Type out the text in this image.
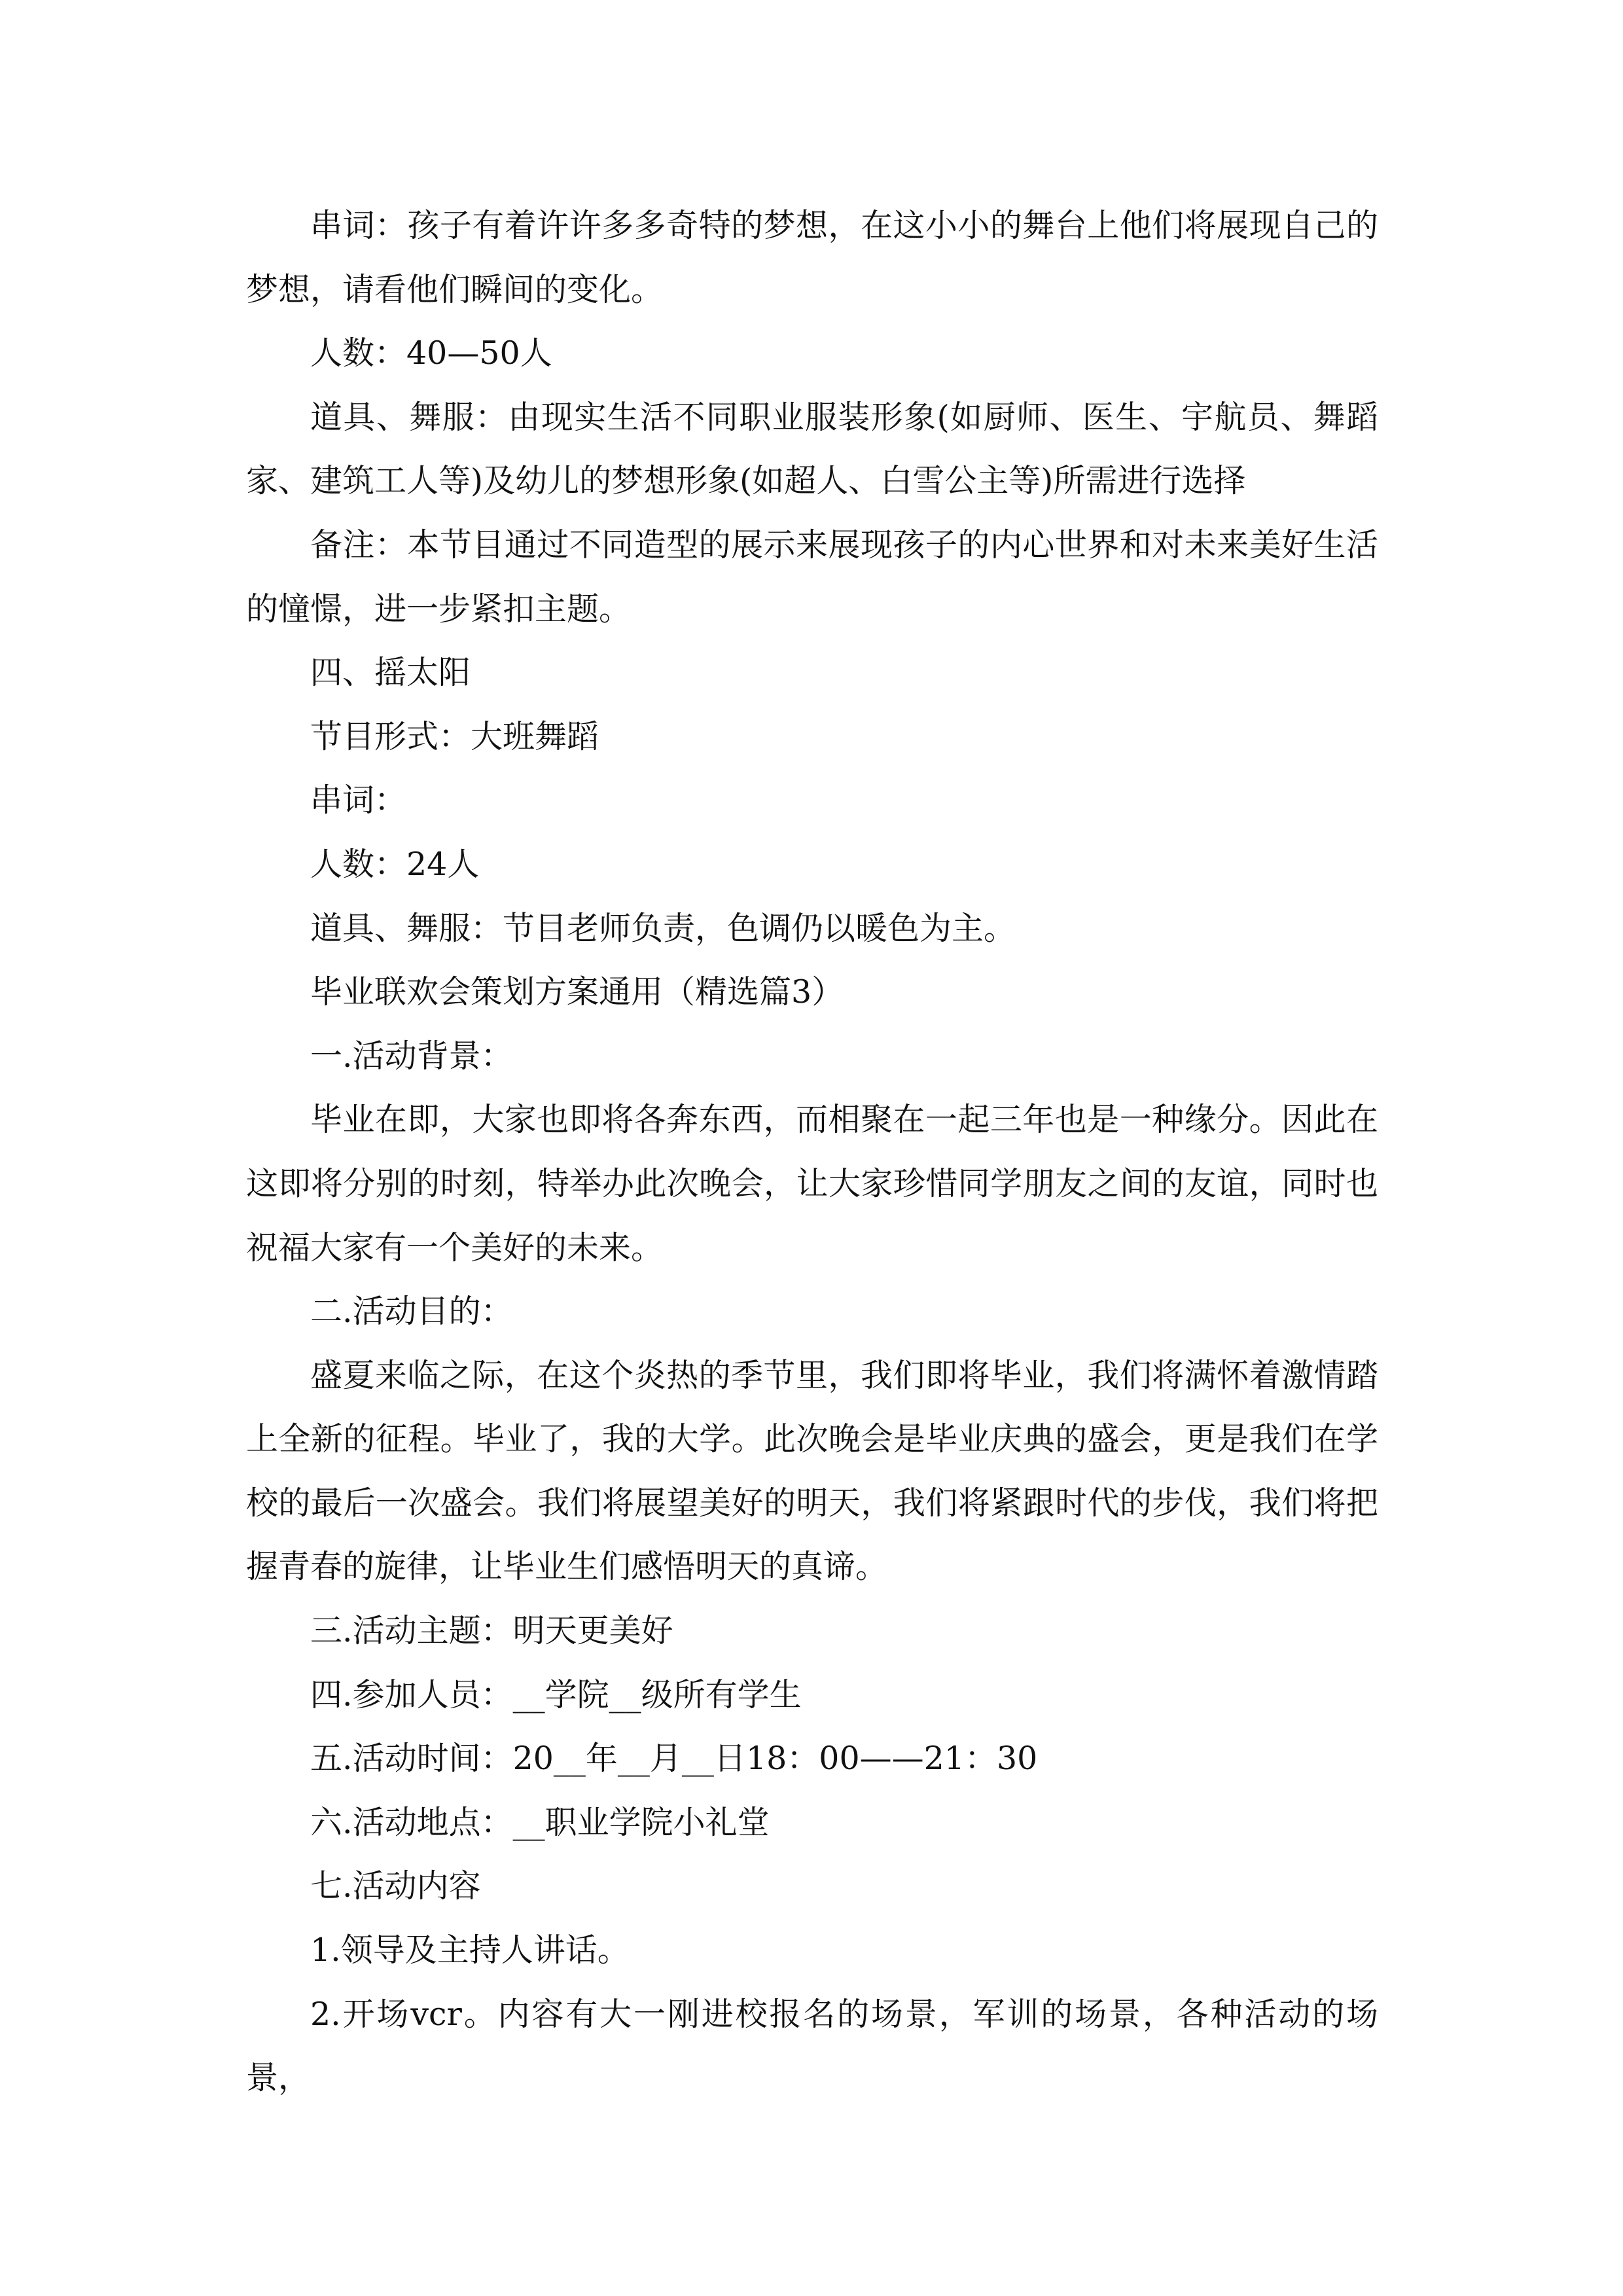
串词：孩子有着许许多多奇特的梦想，在这小小的舞台上他们将展现自己的梦想，请看他们瞬间的变化。

人数：40—50人

道具、舞服：由现实生活不同职业服装形象(如厨师、医生、宇航员、舞蹈家、建筑工人等)及幼儿的梦想形象(如超人、白雪公主等)所需进行选择

备注：本节目通过不同造型的展示来展现孩子的内心世界和对未来美好生活的憧憬，进一步紧扣主题。

四、摇太阳

节目形式：大班舞蹈

串词：

人数：24人

道具、舞服：节目老师负责，色调仍以暖色为主。

毕业联欢会策划方案通用（精选篇3）

一.活动背景：

毕业在即，大家也即将各奔东西，而相聚在一起三年也是一种缘分。因此在这即将分别的时刻，特举办此次晚会，让大家珍惜同学朋友之间的友谊，同时也祝福大家有一个美好的未来。

二.活动目的：

盛夏来临之际，在这个炎热的季节里，我们即将毕业，我们将满怀着激情踏上全新的征程。毕业了，我的大学。此次晚会是毕业庆典的盛会，更是我们在学校的最后一次盛会。我们将展望美好的明天，我们将紧跟时代的步伐，我们将把握青春的旋律，让毕业生们感悟明天的真谛。

三.活动主题：明天更美好

四.参加人员：__学院__级所有学生

五.活动时间：20__年__月__日18：00——21：30

六.活动地点：__职业学院小礼堂

七.活动内容

1.领导及主持人讲话。

2.开场vcr。内容有大一刚进校报名的场景，军训的场景，各种活动的场景，
